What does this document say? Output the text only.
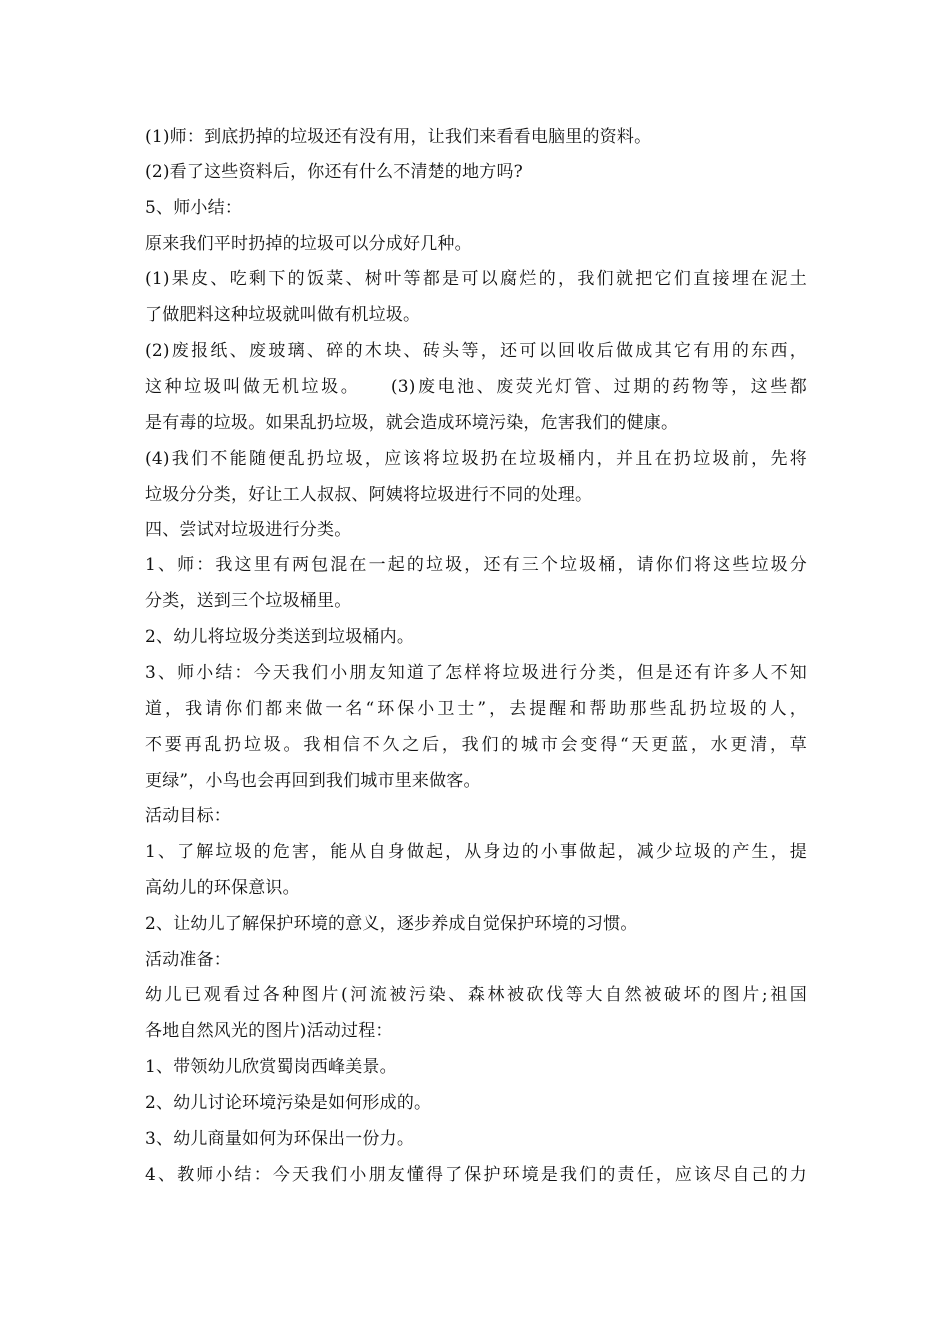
(1)师：到底扔掉的垃圾还有没有用，让我们来看看电脑里的资料。
(2)看了这些资料后，你还有什么不清楚的地方吗?
5、师小结：
原来我们平时扔掉的垃圾可以分成好几种。
(1)果皮、吃剩下的饭菜、树叶等都是可以腐烂的，我们就把它们直接埋在泥土
了做肥料这种垃圾就叫做有机垃圾。
(2)废报纸、废玻璃、碎的木块、砖头等，还可以回收后做成其它有用的东西，
这种垃圾叫做无机垃圾。　　(3)废电池、废荧光灯管、过期的药物等，这些都
是有毒的垃圾。如果乱扔垃圾，就会造成环境污染，危害我们的健康。
(4)我们不能随便乱扔垃圾，应该将垃圾扔在垃圾桶内，并且在扔垃圾前，先将
垃圾分分类，好让工人叔叔、阿姨将垃圾进行不同的处理。
四、尝试对垃圾进行分类。
1、师：我这里有两包混在一起的垃圾，还有三个垃圾桶，请你们将这些垃圾分
分类，送到三个垃圾桶里。
2、幼儿将垃圾分类送到垃圾桶内。
3、师小结：今天我们小朋友知道了怎样将垃圾进行分类，但是还有许多人不知
道，我请你们都来做一名“环保小卫士”，去提醒和帮助那些乱扔垃圾的人，
不要再乱扔垃圾。我相信不久之后，我们的城市会变得“天更蓝，水更清，草
更绿”，小鸟也会再回到我们城市里来做客。
活动目标：
1、了解垃圾的危害，能从自身做起，从身边的小事做起，减少垃圾的产生，提
高幼儿的环保意识。
2、让幼儿了解保护环境的意义，逐步养成自觉保护环境的习惯。
活动准备：
幼儿已观看过各种图片(河流被污染、森林被砍伐等大自然被破坏的图片;祖国
各地自然风光的图片)活动过程：
1、带领幼儿欣赏蜀岗西峰美景。
2、幼儿讨论环境污染是如何形成的。
3、幼儿商量如何为环保出一份力。
4、教师小结：今天我们小朋友懂得了保护环境是我们的责任，应该尽自己的力
